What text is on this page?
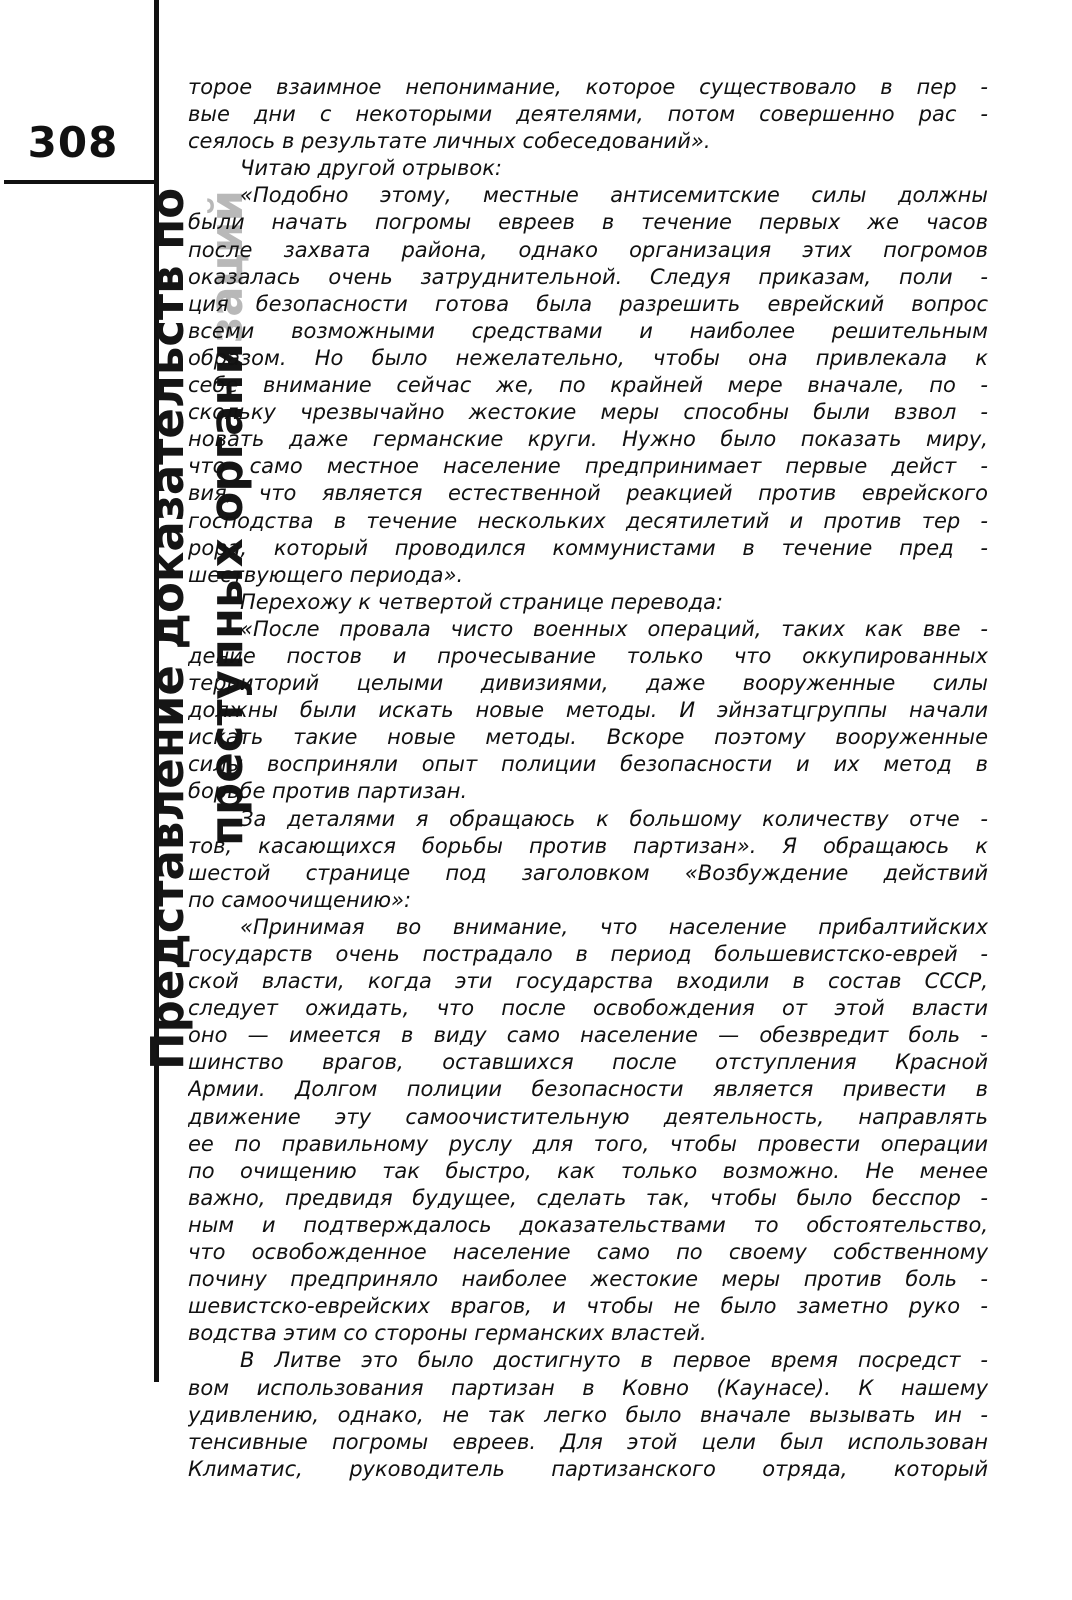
308
Представление доказательств по преступных организаций
торое взаимное непонимание, которое существовало в пер -
вые дни с некоторыми деятелями, потом совершенно рас -
сеялось в результате личных собеседований».
Читаю другой отрывок:
«Подобно этому, местные антисемитские силы должны
были начать погромы евреев в течение первых же часов
после захвата района, однако организация этих погромов
оказалась очень затруднительной. Следуя приказам, поли -
ция безопасности готова была разрешить еврейский вопрос
всеми возможными средствами и наиболее решительным
образом. Но было нежелательно, чтобы она привлекала к
себе внимание сейчас же, по крайней мере вначале, по -
скольку чрезвычайно жестокие меры способны были взвол -
новать даже германские круги. Нужно было показать миру,
что само местное население предпринимает первые дейст -
вия, что является естественной реакцией против еврейского
господства в течение нескольких десятилетий и против тер -
рора, который проводился коммунистами в течение пред -
шествующего периода».
Перехожу к четвертой странице перевода:
«После провала чисто военных операций, таких как вве -
дение постов и прочесывание только что оккупированных
территорий целыми дивизиями, даже вооруженные силы
должны были искать новые методы. И эйнзатцгруппы начали
искать такие новые методы. Вскоре поэтому вооруженные
силы восприняли опыт полиции безопасности и их метод в
борьбе против партизан.
За деталями я обращаюсь к большому количеству отче -
тов, касающихся борьбы против партизан». Я обращаюсь к
шестой странице под заголовком «Возбуждение действий
по самоочищению»:
«Принимая во внимание, что население прибалтийских
государств очень пострадало в период большевистско-еврей -
ской власти, когда эти государства входили в состав СССР,
следует ожидать, что после освобождения от этой власти
оно — имеется в виду само население — обезвредит боль -
шинство врагов, оставшихся после отступления Красной
Армии. Долгом полиции безопасности является привести в
движение эту самоочистительную деятельность, направлять
ее по правильному руслу для того, чтобы провести операции
по очищению так быстро, как только возможно. Не менее
важно, предвидя будущее, сделать так, чтобы было бесспор -
ным и подтверждалось доказательствами то обстоятельство,
что освобожденное население само по своему собственному
почину предприняло наиболее жестокие меры против боль -
шевистско-еврейских врагов, и чтобы не было заметно руко -
водства этим со стороны германских властей.
В Литве это было достигнуто в первое время посредст -
вом использования партизан в Ковно (Каунасе). К нашему
удивлению, однако, не так легко было вначале вызывать ин -
тенсивные погромы евреев. Для этой цели был использован
Климатис, руководитель партизанского отряда, который
